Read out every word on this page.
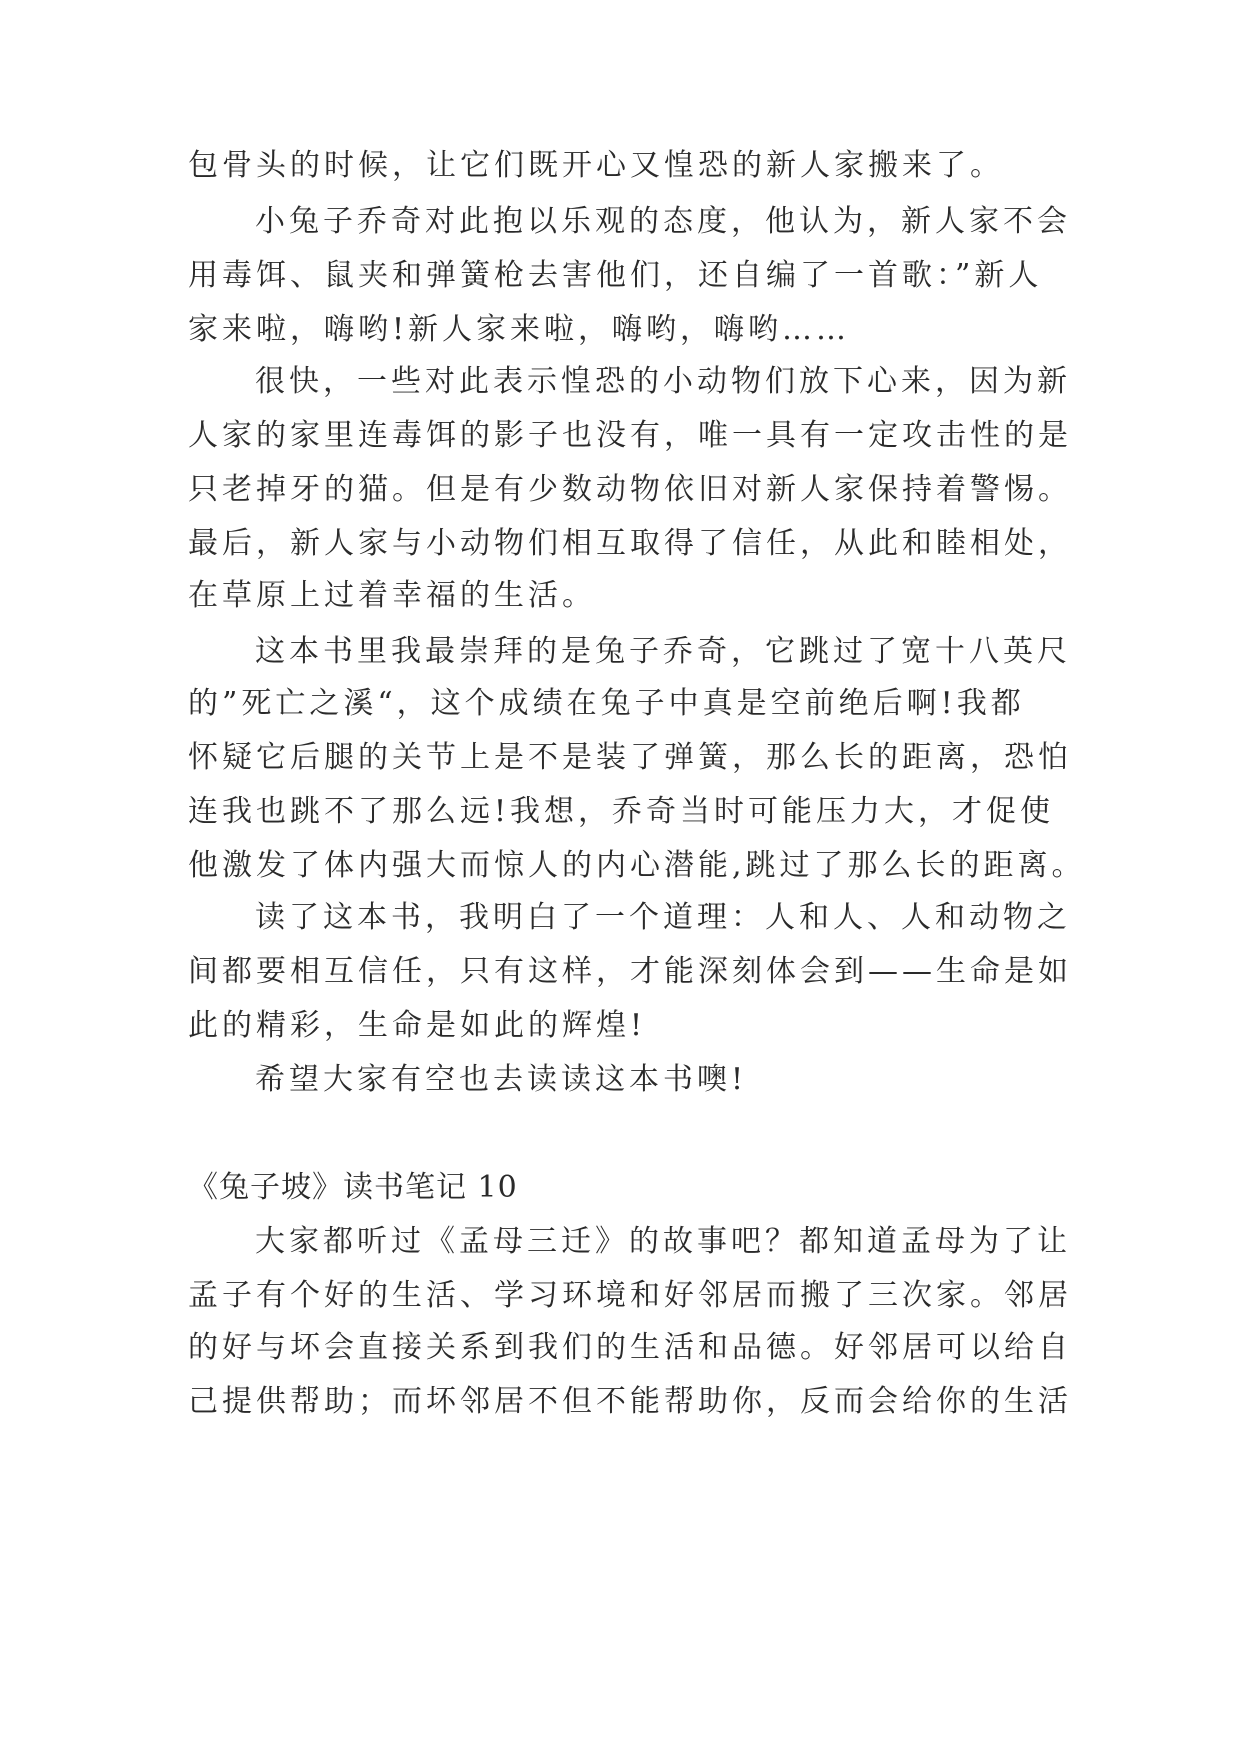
包骨头的时候，让它们既开心又惶恐的新人家搬来了。
小兔子乔奇对此抱以乐观的态度，他认为，新人家不会
用毒饵、鼠夹和弹簧枪去害他们，还自编了一首歌：”新人
家来啦，嗨哟!新人家来啦，嗨哟，嗨哟……
很快，一些对此表示惶恐的小动物们放下心来，因为新
人家的家里连毒饵的影子也没有，唯一具有一定攻击性的是
只老掉牙的猫。但是有少数动物依旧对新人家保持着警惕。
最后，新人家与小动物们相互取得了信任，从此和睦相处，
在草原上过着幸福的生活。
这本书里我最崇拜的是兔子乔奇，它跳过了宽十八英尺
的”死亡之溪“，这个成绩在兔子中真是空前绝后啊!我都
怀疑它后腿的关节上是不是装了弹簧，那么长的距离，恐怕
连我也跳不了那么远!我想，乔奇当时可能压力大，才促使
他激发了体内强大而惊人的内心潜能,跳过了那么长的距离。
读了这本书，我明白了一个道理：人和人、人和动物之
间都要相互信任，只有这样，才能深刻体会到——生命是如
此的精彩，生命是如此的辉煌!
希望大家有空也去读读这本书噢!
《兔子坡》读书笔记 10
大家都听过《孟母三迁》的故事吧？都知道孟母为了让
孟子有个好的生活、学习环境和好邻居而搬了三次家。邻居
的好与坏会直接关系到我们的生活和品德。好邻居可以给自
己提供帮助；而坏邻居不但不能帮助你，反而会给你的生活
